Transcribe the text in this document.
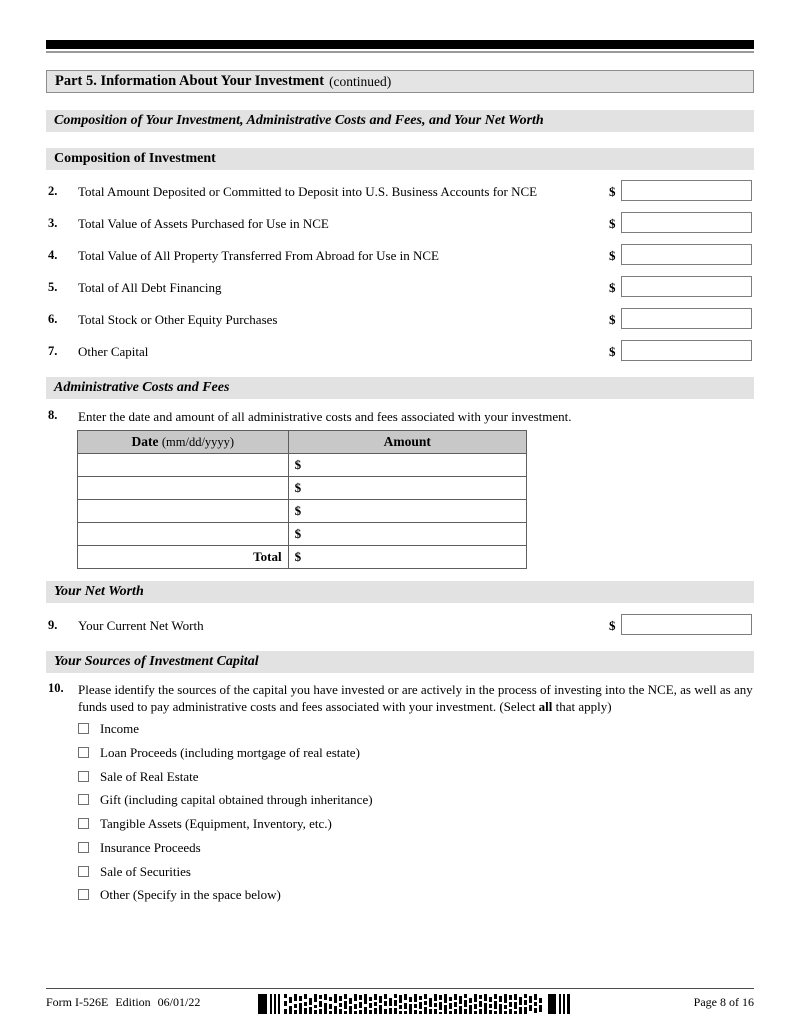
Part 5. Information About Your Investment (continued)
Composition of Your Investment, Administrative Costs and Fees, and Your Net Worth
Composition of Investment
2. Total Amount Deposited or Committed to Deposit into U.S. Business Accounts for NCE	$
3. Total Value of Assets Purchased for Use in NCE	$
4. Total Value of All Property Transferred From Abroad for Use in NCE	$
5. Total of All Debt Financing	$
6. Total Stock or Other Equity Purchases	$
7. Other Capital	$
Administrative Costs and Fees
8. Enter the date and amount of all administrative costs and fees associated with your investment.
Date (mm/dd/yyyy)	Amount
	$
	$
	$
	$
Total	$
Your Net Worth
9. Your Current Net Worth	$
Your Sources of Investment Capital
10. Please identify the sources of the capital you have invested or are actively in the process of investing into the NCE, as well as any funds used to pay administrative costs and fees associated with your investment. (Select all that apply)
Income
Loan Proceeds (including mortgage of real estate)
Sale of Real Estate
Gift (including capital obtained through inheritance)
Tangible Assets (Equipment, Inventory, etc.)
Insurance Proceeds
Sale of Securities
Other (Specify in the space below)
Form I-526E Edition 06/01/22	Page 8 of 16
